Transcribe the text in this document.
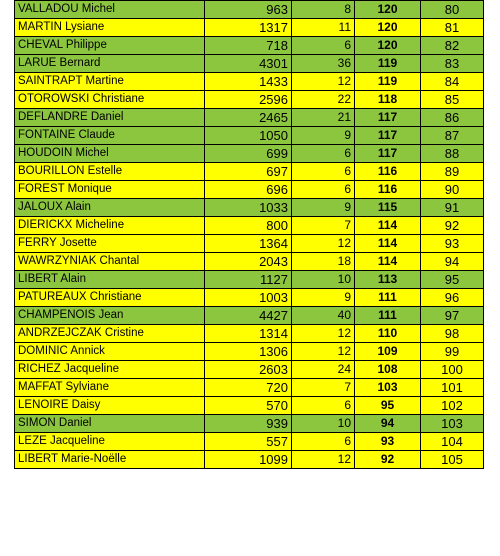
VALLADOU Michel	963	8	120	80
MARTIN Lysiane	1317	11	120	81
CHEVAL Philippe	718	6	120	82
LARUE Bernard	4301	36	119	83
SAINTRAPT Martine	1433	12	119	84
OTOROWSKI Christiane	2596	22	118	85
DEFLANDRE Daniel	2465	21	117	86
FONTAINE Claude	1050	9	117	87
HOUDOIN Michel	699	6	117	88
BOURILLON Estelle	697	6	116	89
FOREST Monique	696	6	116	90
JALOUX Alain	1033	9	115	91
DIERICKX Micheline	800	7	114	92
FERRY Josette	1364	12	114	93
WAWRZYNIAK Chantal	2043	18	114	94
LIBERT Alain	1127	10	113	95
PATUREAUX Christiane	1003	9	111	96
CHAMPENOIS Jean	4427	40	111	97
ANDRZEJCZAK Cristine	1314	12	110	98
DOMINIC Annick	1306	12	109	99
RICHEZ Jacqueline	2603	24	108	100
MAFFAT Sylviane	720	7	103	101
LENOIRE Daisy	570	6	95	102
SIMON Daniel	939	10	94	103
LEZE Jacqueline	557	6	93	104
LIBERT Marie-Noëlle	1099	12	92	105
